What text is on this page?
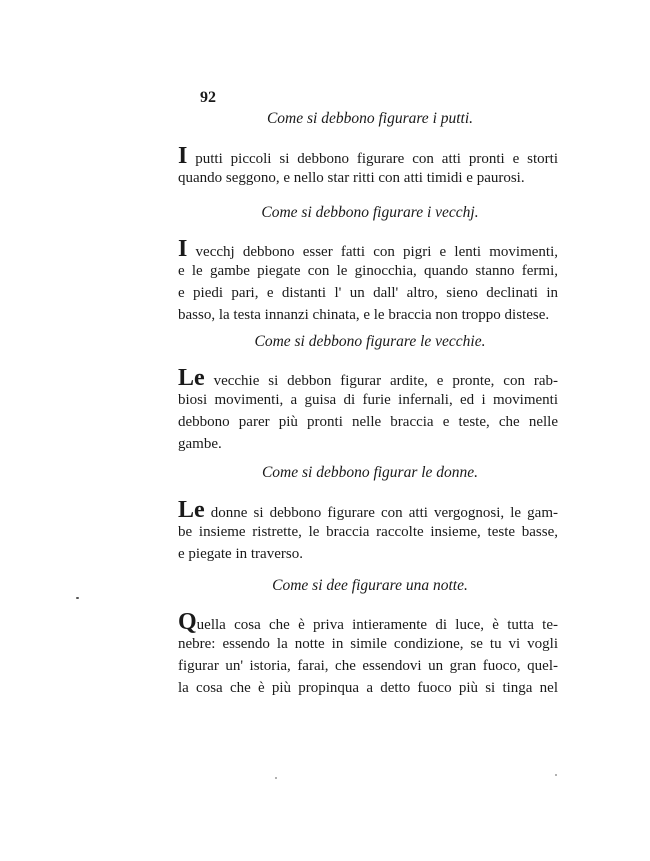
92
Come si debbono figurare i putti.
I putti piccoli si debbono figurare con atti pronti e storti
quando seggono, e nello star ritti con atti timidi e paurosi.
Come si debbono figurare i vecchj.
I vecchj debbono esser fatti con pigri e lenti movimenti,
e le gambe piegate con le ginocchia, quando stanno fermi,
e piedi pari, e distanti l' un dall' altro, sieno declinati in
basso, la testa innanzi chinata, e le braccia non troppo distese.
Come si debbono figurare le vecchie.
Le vecchie si debbon figurar ardite, e pronte, con rab-
biosi movimenti, a guisa di furie infernali, ed i movimenti
debbono parer più pronti nelle braccia e teste, che nelle
gambe.
Come si debbono figurar le donne.
Le donne si debbono figurare con atti vergognosi, le gam-
be insieme ristrette, le braccia raccolte insieme, teste basse,
e piegate in traverso.
Come si dee figurare una notte.
Quella cosa che è priva intieramente di luce, è tutta te-
nebre: essendo la notte in simile condizione, se tu vi vogli
figurar un' istoria, farai, che essendovi un gran fuoco, quel-
la cosa che è più propinqua a detto fuoco più si tinga nel
